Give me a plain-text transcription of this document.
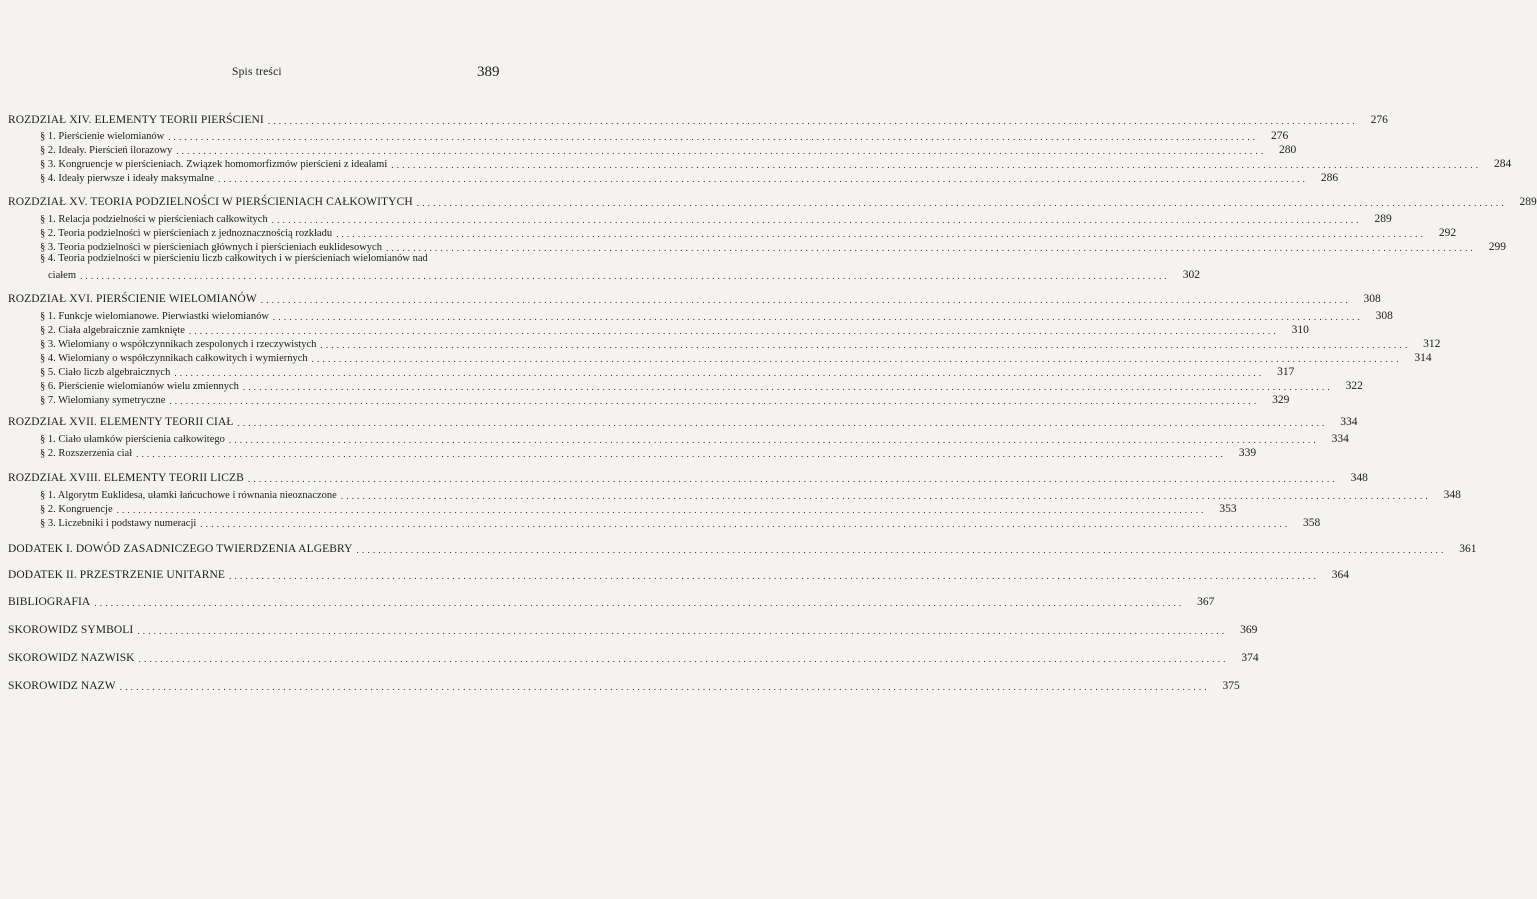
Spis treści	389
ROZDZIAŁ XIV. ELEMENTY TEORII PIERŚCIENI ........................................................................................................................................................................................................	276
§ 1. Pierścienie wielomianów ........................................................................................................................................................................................................	276
§ 2. Ideały. Pierścień ilorazowy ........................................................................................................................................................................................................	280
§ 3. Kongruencje w pierścieniach. Związek homomorfizmów pierścieni z ideałami ........................................................................................................................................................................................................	284
§ 4. Ideały pierwsze i ideały maksymalne ........................................................................................................................................................................................................	286
ROZDZIAŁ XV. TEORIA PODZIELNOŚCI W PIERŚCIENIACH CAŁKOWITYCH ........................................................................................................................................................................................................	289
§ 1. Relacja podzielności w pierścieniach całkowitych ........................................................................................................................................................................................................	289
§ 2. Teoria podzielności w pierścieniach z jednoznacznością rozkładu ........................................................................................................................................................................................................	292
§ 3. Teoria podzielności w pierścieniach głównych i pierścieniach euklidesowych ........................................................................................................................................................................................................	299
§ 4. Teoria podzielności w pierścieniu liczb całkowitych i w pierścieniach wielomianów nad
ciałem ........................................................................................................................................................................................................	302
ROZDZIAŁ XVI. PIERŚCIENIE WIELOMIANÓW ........................................................................................................................................................................................................	308
§ 1. Funkcje wielomianowe. Pierwiastki wielomianów ........................................................................................................................................................................................................	308
§ 2. Ciała algebraicznie zamknięte ........................................................................................................................................................................................................	310
§ 3. Wielomiany o współczynnikach zespolonych i rzeczywistych ........................................................................................................................................................................................................	312
§ 4. Wielomiany o współczynnikach całkowitych i wymiernych ........................................................................................................................................................................................................	314
§ 5. Ciało liczb algebraicznych ........................................................................................................................................................................................................	317
§ 6. Pierścienie wielomianów wielu zmiennych ........................................................................................................................................................................................................	322
§ 7. Wielomiany symetryczne ........................................................................................................................................................................................................	329
ROZDZIAŁ XVII. ELEMENTY TEORII CIAŁ ........................................................................................................................................................................................................	334
§ 1. Ciało ułamków pierścienia całkowitego ........................................................................................................................................................................................................	334
§ 2. Rozszerzenia ciał ........................................................................................................................................................................................................	339
ROZDZIAŁ XVIII. ELEMENTY TEORII LICZB ........................................................................................................................................................................................................	348
§ 1. Algorytm Euklidesa, ułamki łańcuchowe i równania nieoznaczone ........................................................................................................................................................................................................	348
§ 2. Kongruencje ........................................................................................................................................................................................................	353
§ 3. Liczebniki i podstawy numeracji ........................................................................................................................................................................................................	358
DODATEK I. DOWÓD ZASADNICZEGO TWIERDZENIA ALGEBRY ........................................................................................................................................................................................................	361
DODATEK II. PRZESTRZENIE UNITARNE ........................................................................................................................................................................................................	364
BIBLIOGRAFIA ........................................................................................................................................................................................................	367
SKOROWIDZ SYMBOLI ........................................................................................................................................................................................................	369
SKOROWIDZ NAZWISK ........................................................................................................................................................................................................	374
SKOROWIDZ NAZW ........................................................................................................................................................................................................	375
